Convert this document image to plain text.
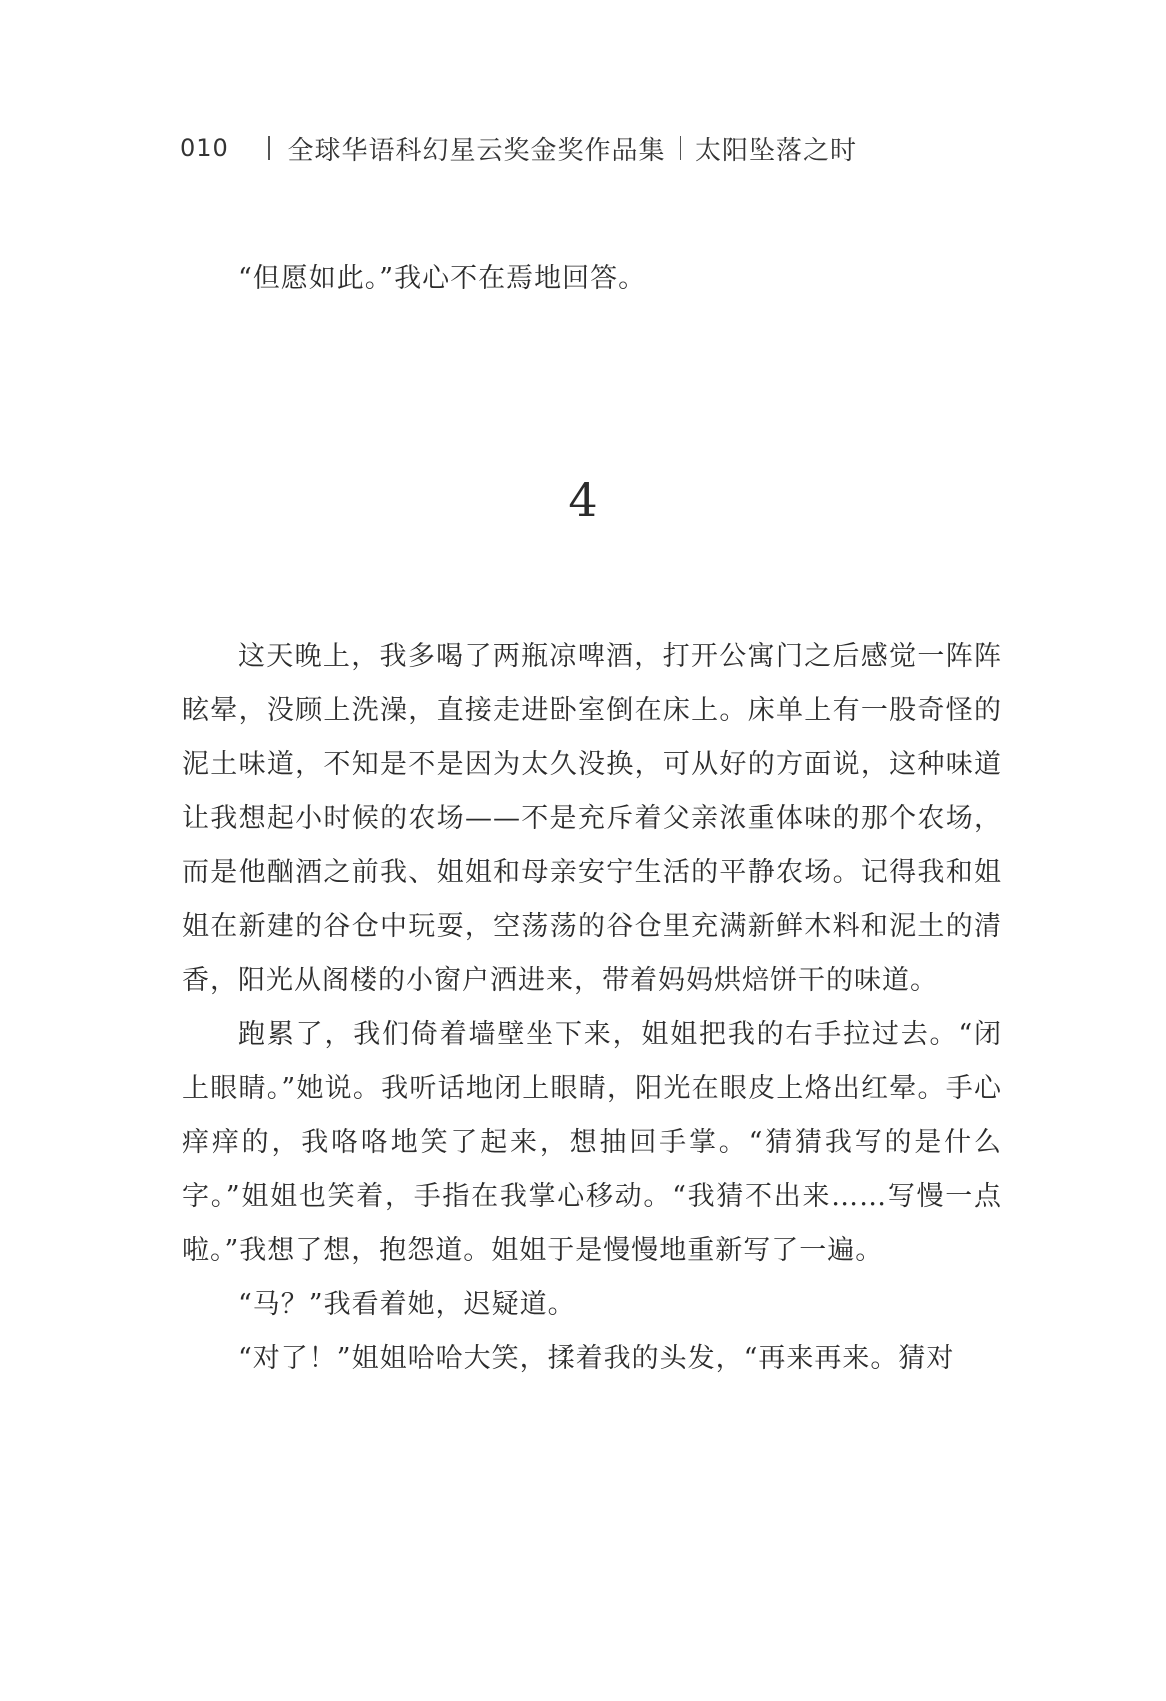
010	全球华语科幻星云奖金奖作品集 太阳坠落之时

“但愿如此。”我心不在焉地回答。

4

这天晚上，我多喝了两瓶凉啤酒，打开公寓门之后感觉一阵阵眩晕，没顾上洗澡，直接走进卧室倒在床上。床单上有一股奇怪的泥土味道，不知是不是因为太久没换，可从好的方面说，这种味道让我想起小时候的农场——不是充斥着父亲浓重体味的那个农场，而是他酗酒之前我、姐姐和母亲安宁生活的平静农场。记得我和姐姐在新建的谷仓中玩耍，空荡荡的谷仓里充满新鲜木料和泥土的清香，阳光从阁楼的小窗户洒进来，带着妈妈烘焙饼干的味道。

跑累了，我们倚着墙壁坐下来，姐姐把我的右手拉过去。“闭上眼睛。”她说。我听话地闭上眼睛，阳光在眼皮上烙出红晕。手心痒痒的，我咯咯地笑了起来，想抽回手掌。“猜猜我写的是什么字。”姐姐也笑着，手指在我掌心移动。“我猜不出来……写慢一点啦。”我想了想，抱怨道。姐姐于是慢慢地重新写了一遍。

“马？”我看着她，迟疑道。

“对了！”姐姐哈哈大笑，揉着我的头发，“再来再来。猜对
